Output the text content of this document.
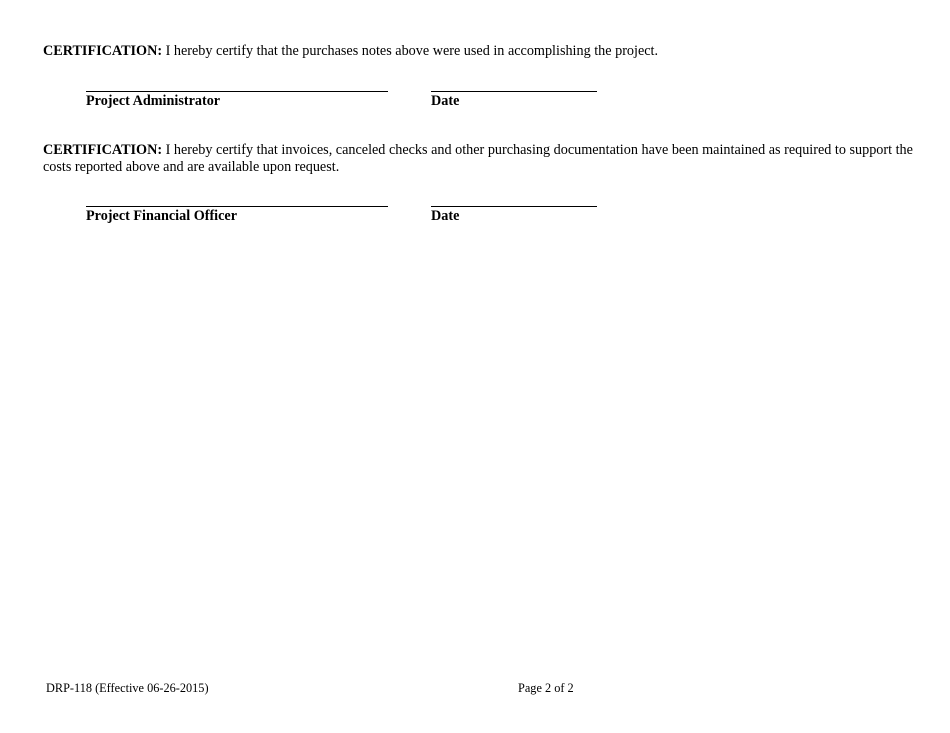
CERTIFICATION: I hereby certify that the purchases notes above were used in accomplishing the project.
Project Administrator	Date
CERTIFICATION: I hereby certify that invoices, canceled checks and other purchasing documentation have been maintained as required to support the costs reported above and are available upon request.
Project Financial Officer	Date
DRP-118 (Effective 06-26-2015)	Page 2 of 2
